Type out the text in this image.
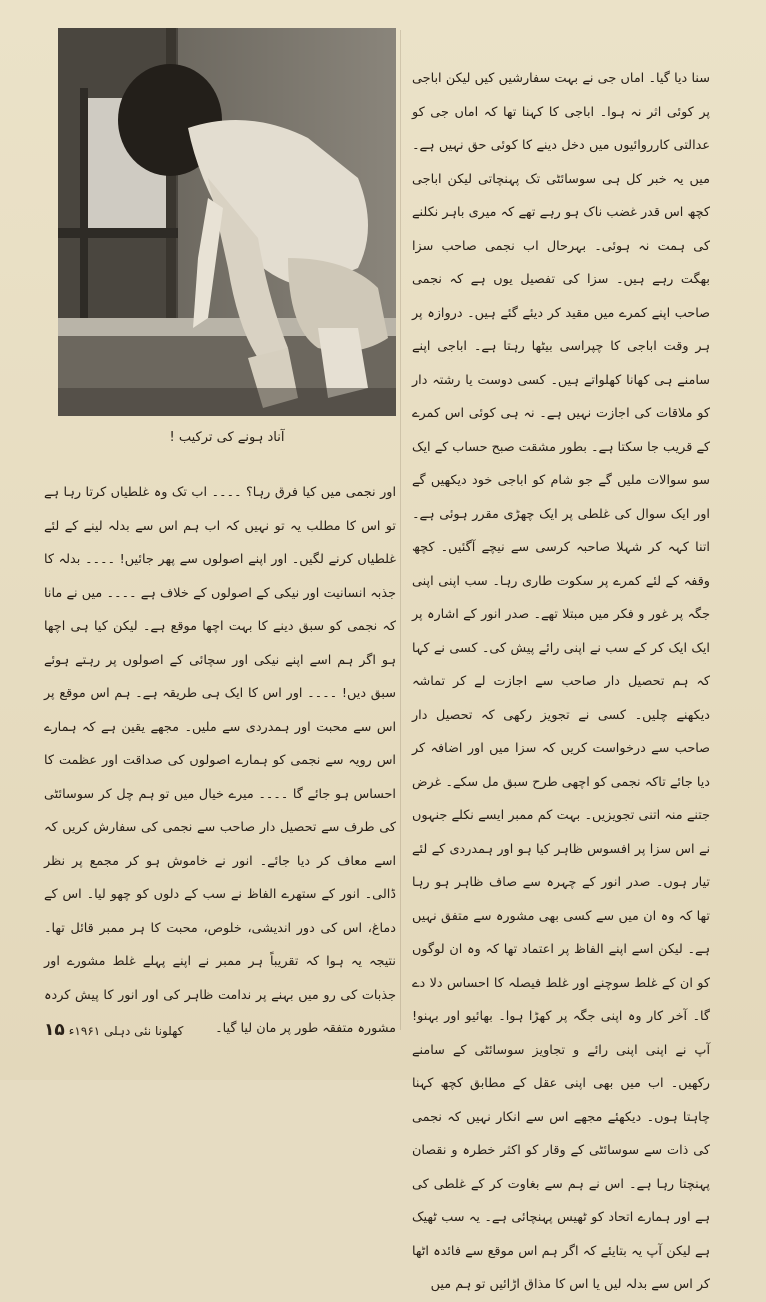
آناد ہونے کی ترکیب !

سنا دیا گیا۔ اماں جی نے بہت سفارشیں کیں لیکن اباجی پر کوئی اثر نہ ہوا۔ اباجی کا کہنا تھا کہ اماں جی کو عدالتی کارروائیوں میں دخل دینے کا کوئی حق نہیں ہے۔ میں یہ خبر کل ہی سوسائٹی تک پہنچاتی لیکن اباجی کچھ اس قدر غضب ناک ہو رہے تھے کہ میری باہر نکلنے کی ہمت نہ ہوئی۔ بہرحال اب نجمی صاحب سزا بھگت رہے ہیں۔ سزا کی تفصیل یوں ہے کہ نجمی صاحب اپنے کمرے میں مقید کر دیئے گئے ہیں۔ دروازہ پر ہر وقت اباجی کا چپراسی بیٹھا رہتا ہے۔ اباجی اپنے سامنے ہی کھانا کھلواتے ہیں۔ کسی دوست یا رشتہ دار کو ملاقات کی اجازت نہیں ہے۔ نہ ہی کوئی اس کمرے کے قریب جا سکتا ہے۔ بطور مشقت صبح حساب کے ایک سو سوالات ملیں گے جو شام کو اباجی خود دیکھیں گے اور ایک سوال کی غلطی پر ایک چھڑی مقرر ہوئی ہے۔ اتنا کہہ کر شہلا صاحبہ کرسی سے نیچے آگئیں۔ کچھ وقفہ کے لئے کمرے پر سکوت طاری رہا۔ سب اپنی اپنی جگہ پر غور و فکر میں مبتلا تھے۔ صدر انور کے اشارہ پر ایک ایک کر کے سب نے اپنی رائے پیش کی۔ کسی نے کہا کہ ہم تحصیل دار صاحب سے اجازت لے کر تماشہ دیکھنے چلیں۔ کسی نے تجویز رکھی کہ تحصیل دار صاحب سے درخواست کریں کہ سزا میں اور اضافہ کر دیا جائے تاکہ نجمی کو اچھی طرح سبق مل سکے۔ غرض جتنے منہ اتنی تجویزیں۔ بہت کم ممبر ایسے نکلے جنہوں نے اس سزا پر افسوس ظاہر کیا ہو اور ہمدردی کے لئے تیار ہوں۔ صدر انور کے چہرہ سے صاف ظاہر ہو رہا تھا کہ وہ ان میں سے کسی بھی مشورہ سے متفق نہیں ہے۔ لیکن اسے اپنے الفاظ پر اعتماد تھا کہ وہ ان لوگوں کو ان کے غلط سوچنے اور غلط فیصلہ کا احساس دلا دے گا۔ آخر کار وہ اپنی جگہ پر کھڑا ہوا۔ بھائیو اور بہنو! آپ نے اپنی اپنی رائے و تجاویز سوسائٹی کے سامنے رکھیں۔ اب میں بھی اپنی عقل کے مطابق کچھ کہنا چاہتا ہوں۔ دیکھئے مجھے اس سے انکار نہیں کہ نجمی کی ذات سے سوسائٹی کے وقار کو اکثر خطرہ و نقصان پہنچتا رہا ہے۔ اس نے ہم سے بغاوت کر کے غلطی کی ہے اور ہمارے اتحاد کو ٹھیس پہنچائی ہے۔ یہ سب ٹھیک ہے لیکن آپ یہ بتایئے کہ اگر ہم اس موقع سے فائدہ اٹھا کر اس سے بدلہ لیں یا اس کا مذاق اڑائیں تو ہم میں

اور نجمی میں کیا فرق رہا؟ ۔۔۔۔ اب تک وہ غلطیاں کرتا رہا ہے تو اس کا مطلب یہ تو نہیں کہ اب ہم اس سے بدلہ لینے کے لئے غلطیاں کرنے لگیں۔ اور اپنے اصولوں سے پھر جائیں! ۔۔۔۔ بدلہ کا جذبہ انسانیت اور نیکی کے اصولوں کے خلاف ہے ۔۔۔۔ میں نے مانا کہ نجمی کو سبق دینے کا بہت اچھا موقع ہے۔ لیکن کیا ہی اچھا ہو اگر ہم اسے اپنے نیکی اور سچائی کے اصولوں پر رہتے ہوئے سبق دیں! ۔۔۔۔ اور اس کا ایک ہی طریقہ ہے۔ ہم اس موقع پر اس سے محبت اور ہمدردی سے ملیں۔ مجھے یقین ہے کہ ہمارے اس رویہ سے نجمی کو ہمارے اصولوں کی صداقت اور عظمت کا احساس ہو جائے گا ۔۔۔۔ میرے خیال میں تو ہم چل کر سوسائٹی کی طرف سے تحصیل دار صاحب سے نجمی کی سفارش کریں کہ اسے معاف کر دیا جائے۔ انور نے خاموش ہو کر مجمع پر نظر ڈالی۔ انور کے ستھرے الفاظ نے سب کے دلوں کو چھو لیا۔ اس کے دماغ، اس کی دور اندیشی، خلوص، محبت کا ہر ممبر قائل تھا۔ نتیجہ یہ ہوا کہ تقریباً ہر ممبر نے اپنے پہلے غلط مشورے اور جذبات کی رو میں بہنے پر ندامت ظاہر کی اور انور کا پیش کردہ مشورہ متفقہ طور پر مان لیا گیا۔

کھلونا نئی دہلی ۱۹۶۱ء
۱۵
